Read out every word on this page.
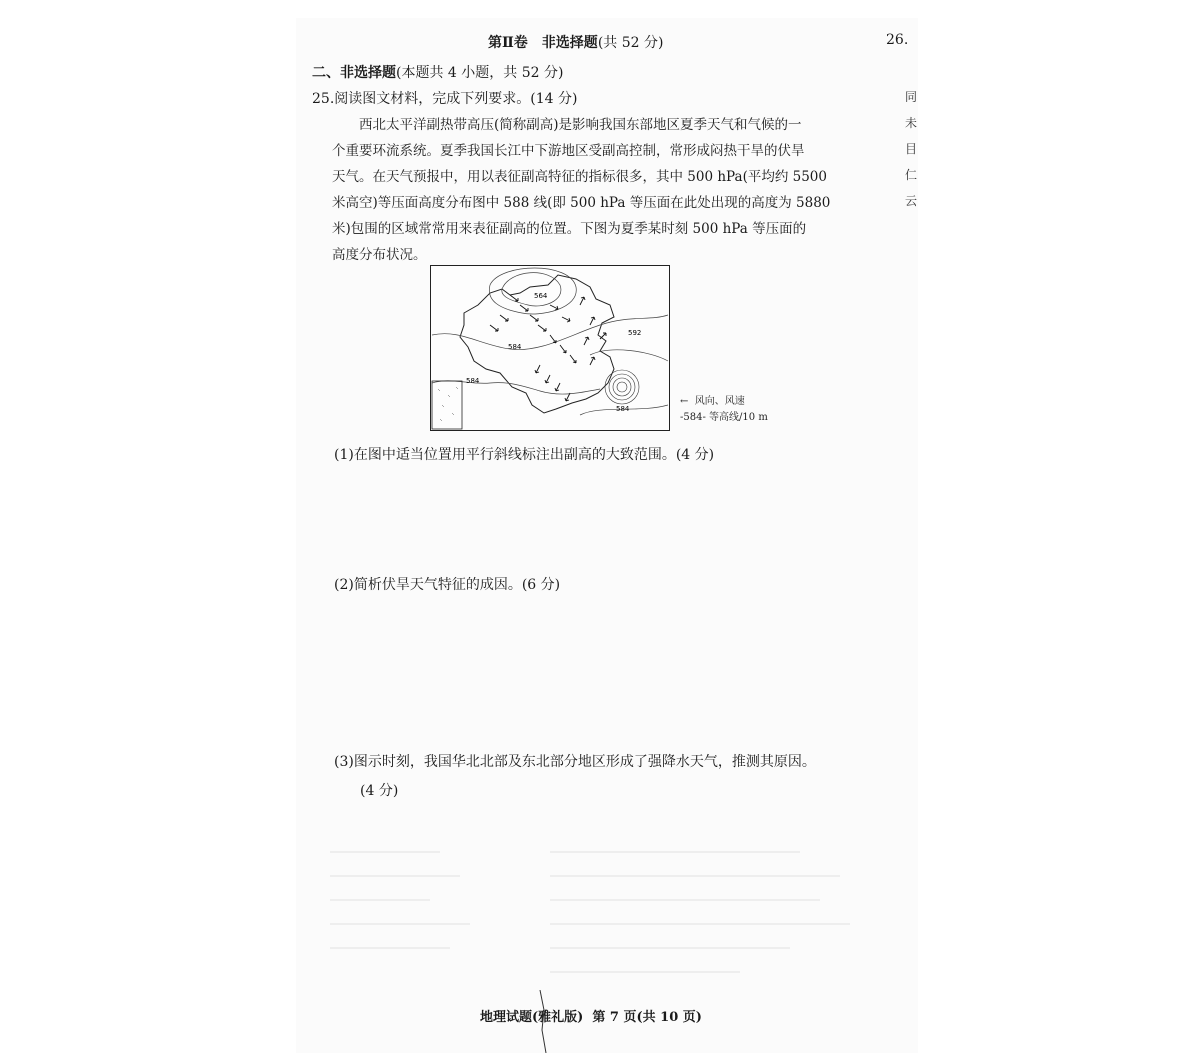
第Ⅱ卷　非选择题(共 52 分)	26.
同
未
目
仁
云
二、非选择题(本题共 4 小题，共 52 分)
25.阅读图文材料，完成下列要求。(14 分)

西北太平洋副热带高压(简称副高)是影响我国东部地区夏季天气和气候的一

个重要环流系统。夏季我国长江中下游地区受副高控制，常形成闷热干旱的伏旱

天气。在天气预报中，用以表征副高特征的指标很多，其中 500 hPa(平均约 5500

米高空)等压面高度分布图中 588 线(即 500 hPa 等压面在此处出现的高度为 5880

米)包围的区域常常用来表征副高的位置。下图为夏季某时刻 500 hPa 等压面的

高度分布状况。

564
584
584
584
592
← 风向、风速
-584- 等高线/10 m
(1)在图中适当位置用平行斜线标注出副高的大致范围。(4 分)
(2)简析伏旱天气特征的成因。(6 分)
(3)图示时刻，我国华北北部及东北部分地区形成了强降水天气，推测其原因。
(4 分)
地理试题(雅礼版) 第 7 页(共 10 页)
